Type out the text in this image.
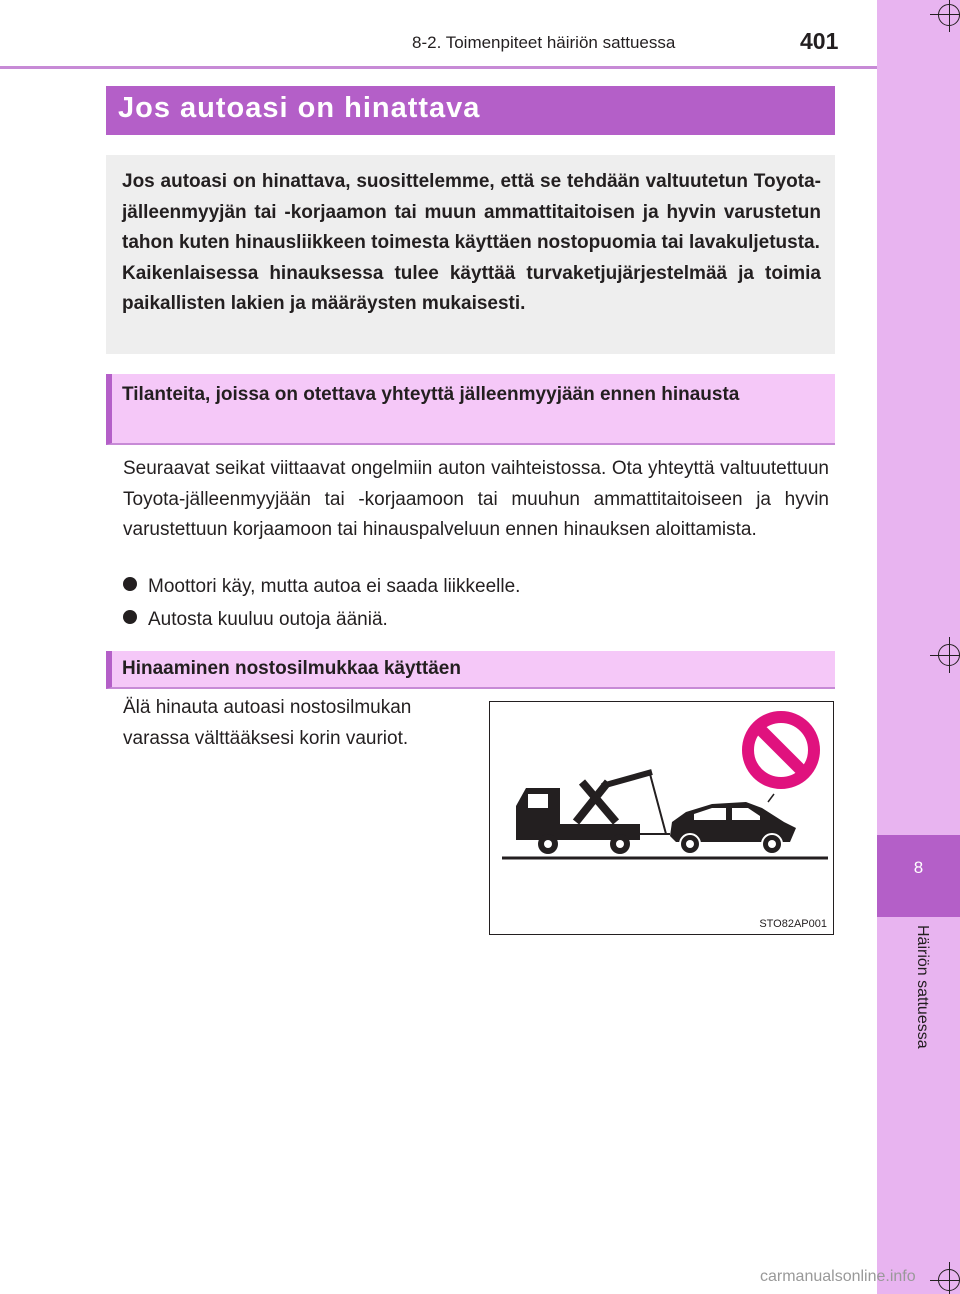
8
Häiriön sattuessa
8-2. Toimenpiteet häiriön sattuessa	401
Jos autoasi on hinattava

Jos autoasi on hinattava, suosittelemme, että se tehdään valtuutetun Toyota-jälleenmyyjän tai -korjaamon tai muun ammattitaitoisen ja hyvin varustetun tahon kuten hinausliikkeen toimesta käyttäen nostopuomia tai lavakuljetusta.

Kaikenlaisessa hinauksessa tulee käyttää turvaketjujärjestelmää ja toimia paikallisten lakien ja määräysten mukaisesti.

Tilanteita, joissa on otettava yhteyttä jälleenmyyjään ennen hinausta
Seuraavat seikat viittaavat ongelmiin auton vaihteistossa. Ota yhteyttä valtuutettuun Toyota-jälleenmyyjään tai -korjaamoon tai muuhun ammattitaitoiseen ja hyvin varustettuun korjaamoon tai hinauspalveluun ennen hinauksen aloittamista.
Moottori käy, mutta autoa ei saada liikkeelle.
Autosta kuuluu outoja ääniä.
Hinaaminen nostosilmukkaa käyttäen
Älä hinauta autoasi nostosilmukan varassa välttääksesi korin vauriot.
STO82AP001
carmanualsonline.info
